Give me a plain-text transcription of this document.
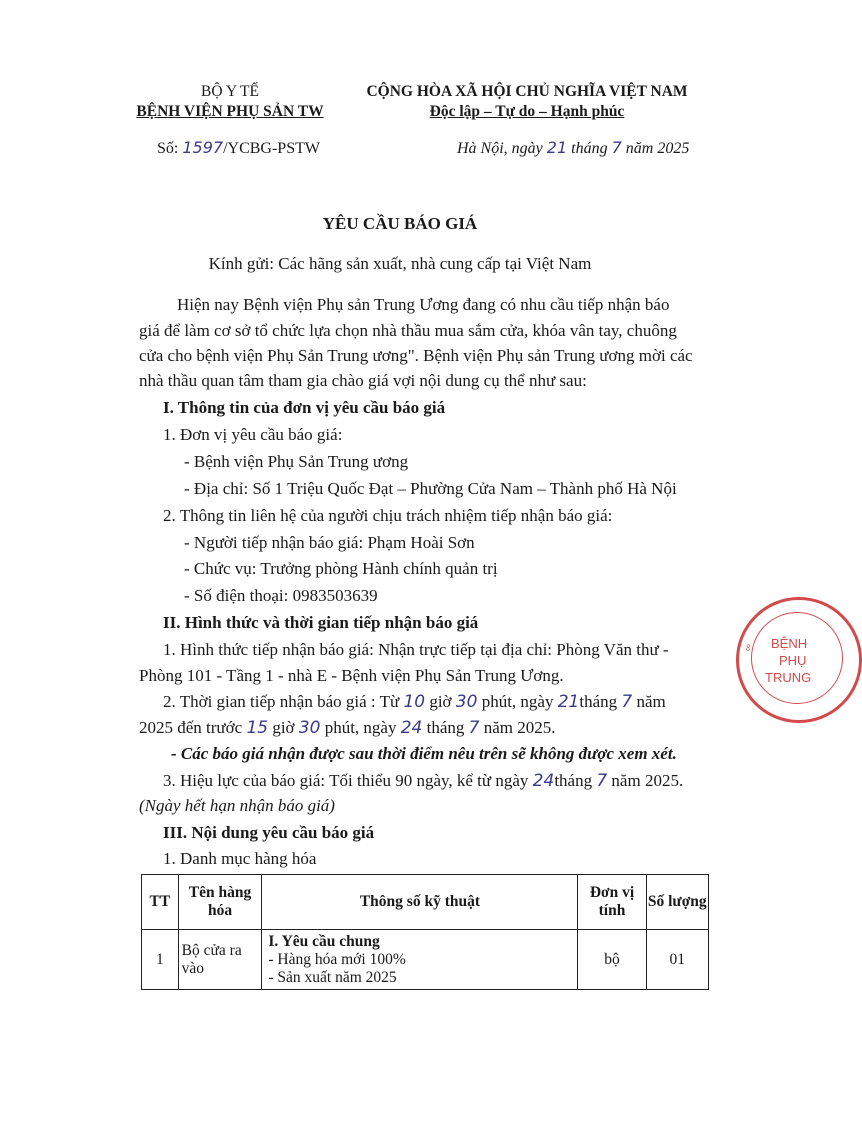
BỘ Y TẾ
BỆNH VIỆN PHỤ SẢN TW
Số: 1597/YCBG-PSTW
CỘNG HÒA XÃ HỘI CHỦ NGHĨA VIỆT NAM
Độc lập – Tự do – Hạnh phúc
Hà Nội, ngày 21 tháng 7 năm 2025
YÊU CẦU BÁO GIÁ
Kính gửi: Các hãng sản xuất, nhà cung cấp tại Việt Nam
Hiện nay Bệnh viện Phụ sản Trung Ương đang có nhu cầu tiếp nhận báo
giá để làm cơ sở tổ chức lựa chọn nhà thầu mua sắm cửa, khóa vân tay, chuông
cửa cho bệnh viện Phụ Sản Trung ương". Bệnh viện Phụ sản Trung ương mời các
nhà thầu quan tâm tham gia chào giá vợi nội dung cụ thể như sau:
I. Thông tin của đơn vị yêu cầu báo giá
1. Đơn vị yêu cầu báo giá:
- Bệnh viện Phụ Sản Trung ương
- Địa chỉ: Số 1 Triệu Quốc Đạt – Phường Cửa Nam – Thành phố Hà Nội
2. Thông tin liên hệ của người chịu trách nhiệm tiếp nhận báo giá:
- Người tiếp nhận báo giá: Phạm Hoài Sơn
- Chức vụ: Trưởng phòng Hành chính quản trị
- Số điện thoại: 0983503639
II. Hình thức và thời gian tiếp nhận báo giá
1. Hình thức tiếp nhận báo giá: Nhận trực tiếp tại địa chỉ: Phòng Văn thư -
Phòng 101 - Tầng 1 - nhà E - Bệnh viện Phụ Sản Trung Ương.
2. Thời gian tiếp nhận báo giá : Từ 10 giờ 30 phút, ngày 21tháng 7 năm
2025 đến trước 15 giờ 30 phút, ngày 24 tháng 7 năm 2025.
- Các báo giá nhận được sau thời điểm nêu trên sẽ không được xem xét.
3. Hiệu lực của báo giá: Tối thiểu 90 ngày, kể từ ngày 24tháng 7 năm 2025.
(Ngày hết hạn nhận báo giá)
III. Nội dung yêu cầu báo giá
1. Danh mục hàng hóa
TT	Tên hàng hóa	Thông số kỹ thuật	Đơn vị tính	Số lượng
1	Bộ cửa ra vào	I. Yêu cầu chung
- Hàng hóa mới 100%
- Sản xuất năm 2025	bộ	01
BỆNH
PHỤ
TRUNG
∞
